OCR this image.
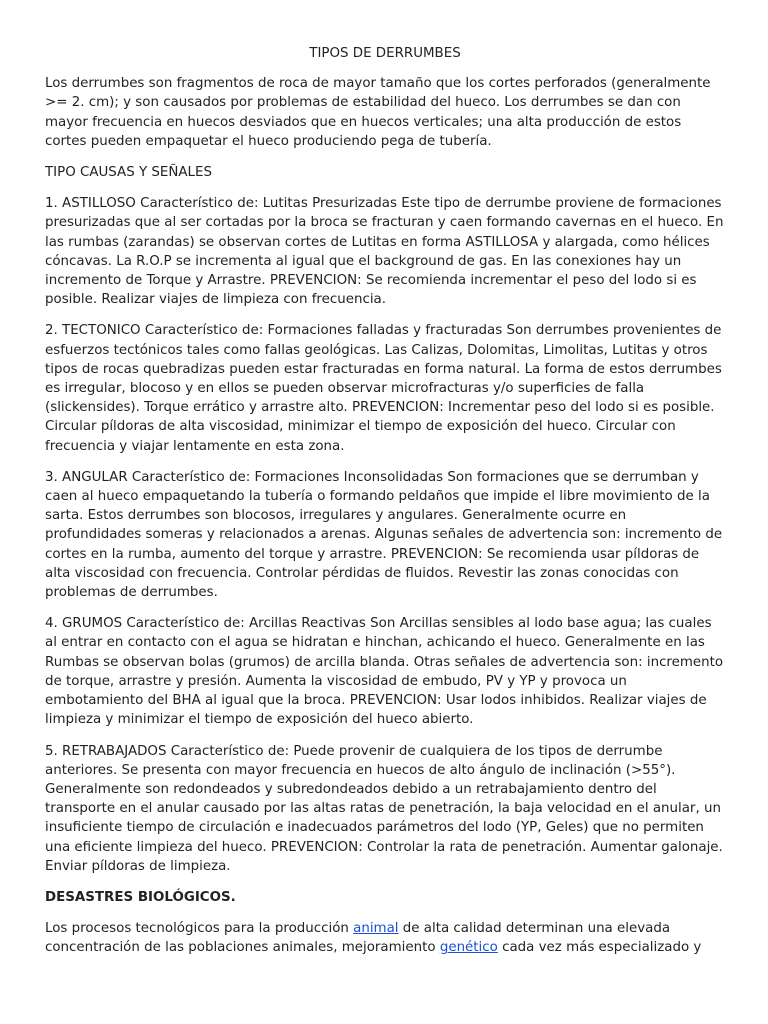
TIPOS DE DERRUMBES

Los derrumbes son fragmentos de roca de mayor tamaño que los cortes perforados (generalmente >= 2. cm); y son causados por problemas de estabilidad del hueco. Los derrumbes se dan con mayor frecuencia en huecos desviados que en huecos verticales; una alta producción de estos cortes pueden empaquetar el hueco produciendo pega de tubería.

TIPO CAUSAS Y SEÑALES

1. ASTILLOSO Característico de: Lutitas Presurizadas Este tipo de derrumbe proviene de formaciones presurizadas que al ser cortadas por la broca se fracturan y caen formando cavernas en el hueco. En las rumbas (zarandas) se observan cortes de Lutitas en forma ASTILLOSA y alargada, como hélices cóncavas. La R.O.P se incrementa al igual que el background de gas. En las conexiones hay un incremento de Torque y Arrastre. PREVENCION: Se recomienda incrementar el peso del lodo si es posible. Realizar viajes de limpieza con frecuencia.

2. TECTONICO Característico de: Formaciones falladas y fracturadas Son derrumbes provenientes de esfuerzos tectónicos tales como fallas geológicas. Las Calizas, Dolomitas, Limolitas, Lutitas y otros tipos de rocas quebradizas pueden estar fracturadas en forma natural. La forma de estos derrumbes es irregular, blocoso y en ellos se pueden observar microfracturas y/o superficies de falla (slickensides). Torque errático y arrastre alto. PREVENCION: Incrementar peso del lodo si es posible. Circular píldoras de alta viscosidad, minimizar el tiempo de exposición del hueco. Circular con frecuencia y viajar lentamente en esta zona.

3. ANGULAR Característico de: Formaciones Inconsolidadas Son formaciones que se derrumban y caen al hueco empaquetando la tubería o formando peldaños que impide el libre movimiento de la sarta. Estos derrumbes son blocosos, irregulares y angulares. Generalmente ocurre en profundidades someras y relacionados a arenas. Algunas señales de advertencia son: incremento de cortes en la rumba, aumento del torque y arrastre. PREVENCION: Se recomienda usar píldoras de alta viscosidad con frecuencia. Controlar pérdidas de fluidos. Revestir las zonas conocidas con problemas de derrumbes.

4. GRUMOS Característico de: Arcillas Reactivas Son Arcillas sensibles al lodo base agua; las cuales al entrar en contacto con el agua se hidratan e hinchan, achicando el hueco. Generalmente en las Rumbas se observan bolas (grumos) de arcilla blanda. Otras señales de advertencia son: incremento de torque, arrastre y presión. Aumenta la viscosidad de embudo, PV y YP y provoca un embotamiento del BHA al igual que la broca. PREVENCION: Usar lodos inhibidos. Realizar viajes de limpieza y minimizar el tiempo de exposición del hueco abierto.

5. RETRABAJADOS Característico de: Puede provenir de cualquiera de los tipos de derrumbe anteriores. Se presenta con mayor frecuencia en huecos de alto ángulo de inclinación (>55°). Generalmente son redondeados y subredondeados debido a un retrabajamiento dentro del transporte en el anular causado por las altas ratas de penetración, la baja velocidad en el anular, un insuficiente tiempo de circulación e inadecuados parámetros del lodo (YP, Geles) que no permiten una eficiente limpieza del hueco. PREVENCION: Controlar la rata de penetración. Aumentar galonaje. Enviar píldoras de limpieza.

DESASTRES BIOLÓGICOS.

Los procesos tecnológicos para la producción animal de alta calidad determinan una elevada concentración de las poblaciones animales, mejoramiento genético cada vez más especializado y
